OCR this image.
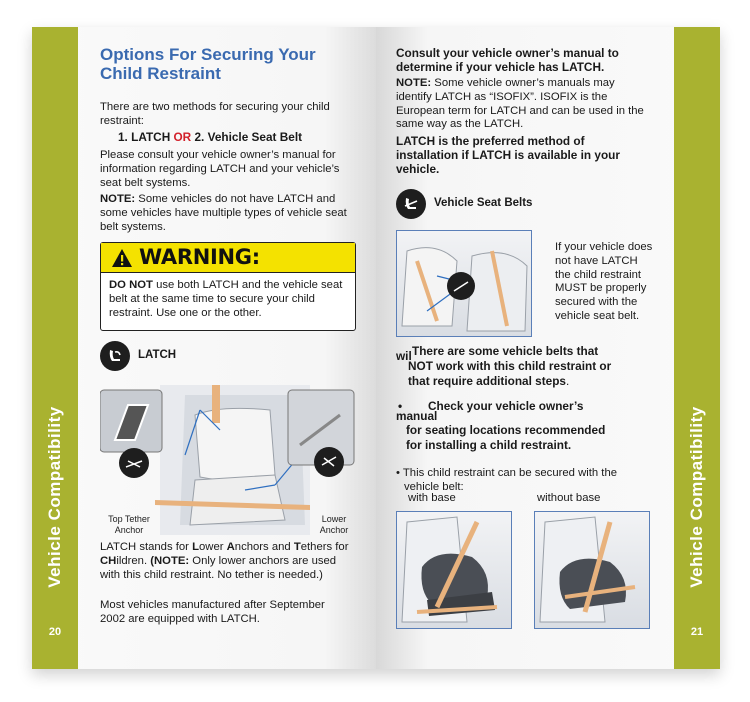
Vehicle Compatibility
20
Options For Securing Your
Child Restraint
There are two methods for securing your child restraint:
1. LATCH OR 2. Vehicle Seat Belt
Please consult your vehicle owner’s manual for information regarding LATCH and your vehicle’s seat belt systems.
NOTE: Some vehicles do not have LATCH and some vehicles have multiple types of vehicle seat belt systems.
WARNING:
DO NOT use both LATCH and the vehicle seat belt at the same time to secure your child restraint. Use one or the other.
LATCH
Top Tether Anchor
Lower Anchor
LATCH stands for Lower Anchors and Tethers for CHildren. (NOTE: Only lower anchors are used with this child restraint. No tether is needed.)
Most vehicles manufactured after September 2002 are equipped with LATCH.
Vehicle Compatibility
21
Consult your vehicle owner’s manual to determine if your vehicle has LATCH.
NOTE: Some vehicle owner’s manuals may identify LATCH as “ISOFIX”. ISOFIX is the European term for LATCH and can be used in the same way as the LATCH.
LATCH is the preferred method of installation if LATCH is available in your vehicle.
Vehicle Seat Belts
If your vehicle does not have LATCH the child restraint MUST be properly secured with the vehicle seat belt.
wil There are some vehicle belts that
NOT work with this child restraint or
that require additional steps.
• Check your vehicle owner’s
manual
for seating locations recommended
for installing a child restraint.
• This child restraint can be secured with the vehicle belt:
with base	without base
